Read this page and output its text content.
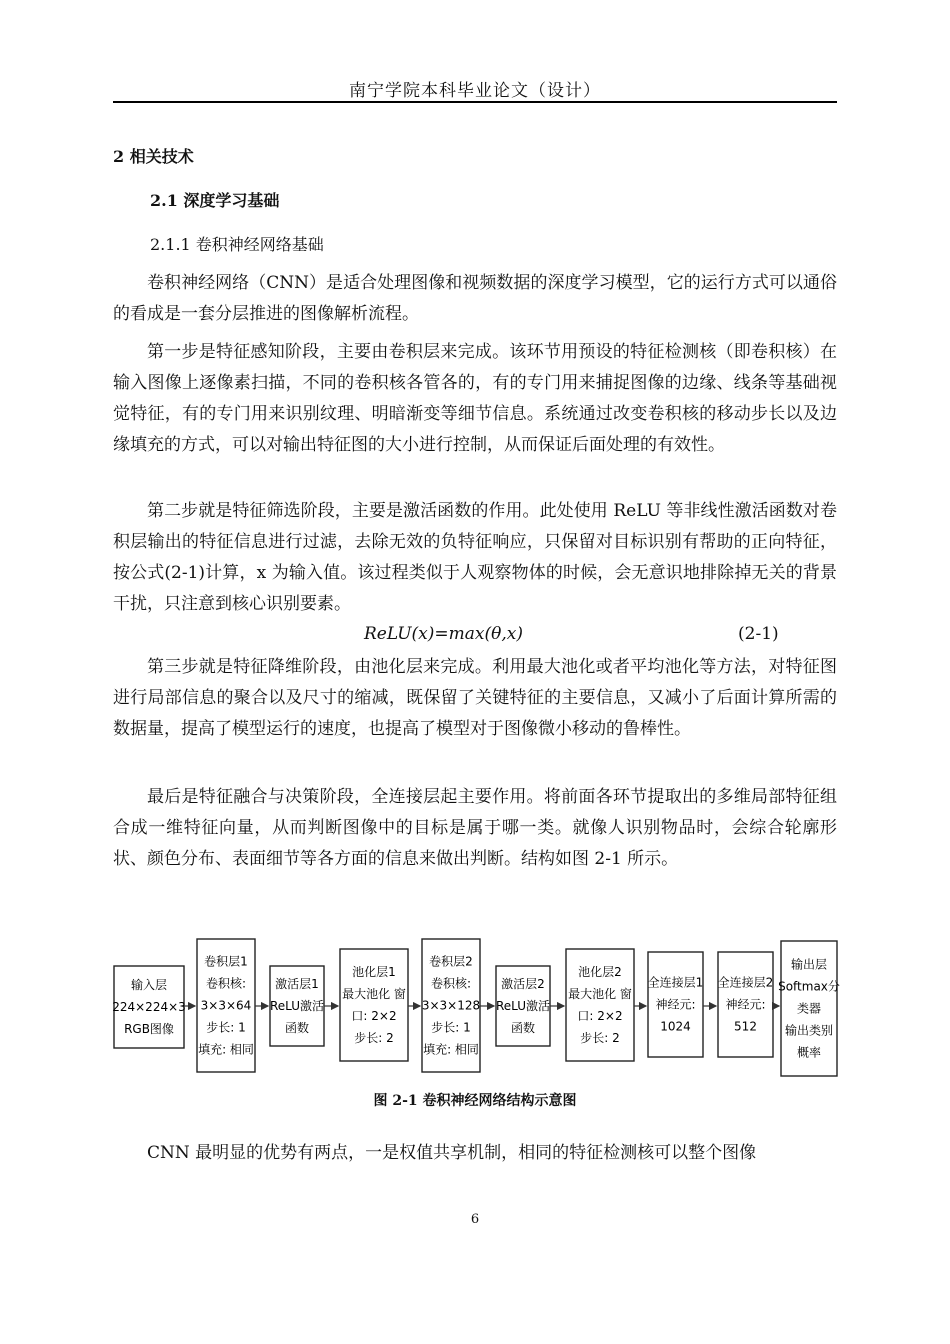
南宁学院本科毕业论文（设计）
2 相关技术
2.1 深度学习基础
2.1.1 卷积神经网络基础

卷积神经网络（CNN）是适合处理图像和视频数据的深度学习模型，它的运行方式可以通俗的看成是一套分层推进的图像解析流程。

第一步是特征感知阶段，主要由卷积层来完成。该环节用预设的特征检测核（即卷积核）在输入图像上逐像素扫描，不同的卷积核各管各的，有的专门用来捕捉图像的边缘、线条等基础视觉特征，有的专门用来识别纹理、明暗渐变等细节信息。系统通过改变卷积核的移动步长以及边缘填充的方式，可以对输出特征图的大小进行控制，从而保证后面处理的有效性。

第二步就是特征筛选阶段，主要是激活函数的作用。此处使用 ReLU 等非线性激活函数对卷积层输出的特征信息进行过滤，去除无效的负特征响应，只保留对目标识别有帮助的正向特征，按公式(2-1)计算，x 为输入值。该过程类似于人观察物体的时候，会无意识地排除掉无关的背景干扰，只注意到核心识别要素。

ReLU(x)=max(θ,x)	(2-1)

第三步就是特征降维阶段，由池化层来完成。利用最大池化或者平均池化等方法，对特征图进行局部信息的聚合以及尺寸的缩减，既保留了关键特征的主要信息，又减小了后面计算所需的数据量，提高了模型运行的速度，也提高了模型对于图像微小移动的鲁棒性。

最后是特征融合与决策阶段，全连接层起主要作用。将前面各环节提取出的多维局部特征组合成一维特征向量，从而判断图像中的目标是属于哪一类。就像人识别物品时，会综合轮廓形状、颜色分布、表面细节等各方面的信息来做出判断。结构如图 2-1 所示。

输入层
224×224×3
RGB图像
卷积层1
卷积核:
3×3×64
步长: 1
填充: 相同
激活层1
ReLU激活
函数
池化层1
最大池化 窗
口: 2×2
步长: 2
卷积层2
卷积核:
3×3×128
步长: 1
填充: 相同
激活层2
ReLU激活
函数
池化层2
最大池化 窗
口: 2×2
步长: 2
全连接层1
神经元:
1024
全连接层2
神经元:
512
输出层
Softmax分
类器
输出类别
概率
图 2-1 卷积神经网络结构示意图

CNN 最明显的优势有两点，一是权值共享机制，相同的特征检测核可以整个图像

6
